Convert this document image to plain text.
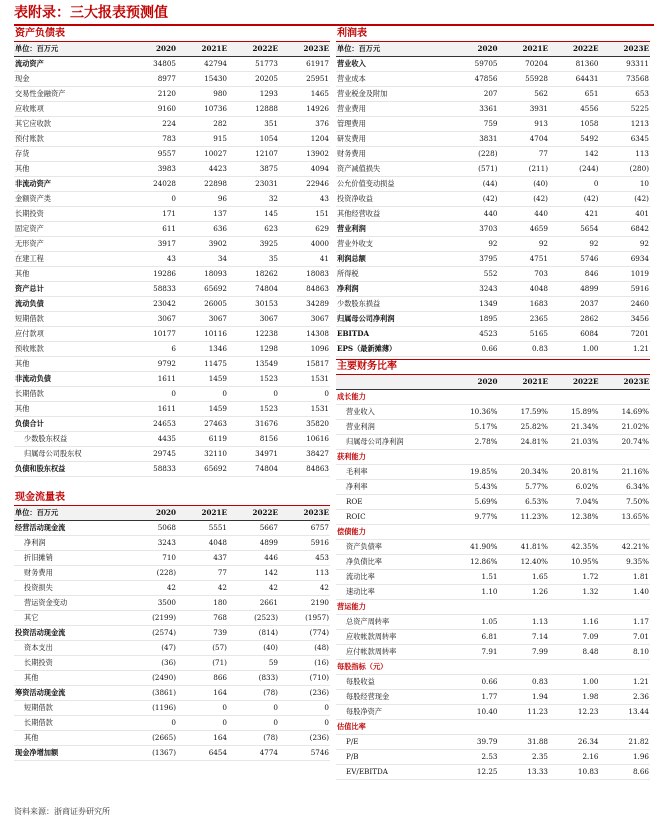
表附录：三大报表预测值
资产负债表
单位：百万元	2020	2021E	2022E	2023E
流动资产	34805	42794	51773	61917
现金	8977	15430	20205	25951
交易性金融资产	2120	980	1293	1465
应收账项	9160	10736	12888	14926
其它应收款	224	282	351	376
预付账款	783	915	1054	1204
存货	9557	10027	12107	13902
其他	3983	4423	3875	4094
非流动资产	24028	22898	23031	22946
金额资产类	0	96	32	43
长期投资	171	137	145	151
固定资产	611	636	623	629
无形资产	3917	3902	3925	4000
在建工程	43	34	35	41
其他	19286	18093	18262	18083
资产总计	58833	65692	74804	84863
流动负债	23042	26005	30153	34289
短期借款	3067	3067	3067	3067
应付款项	10177	10116	12238	14308
预收账款	6	1346	1298	1096
其他	9792	11475	13549	15817
非流动负债	1611	1459	1523	1531
长期借款	0	0	0	0
其他	1611	1459	1523	1531
负债合计	24653	27463	31676	35820
少数股东权益	4435	6119	8156	10616
归属母公司股东权	29745	32110	34971	38427
负债和股东权益	58833	65692	74804	84863
现金流量表
单位：百万元	2020	2021E	2022E	2023E
经营活动现金流	5068	5551	5667	6757
净利润	3243	4048	4899	5916
折旧摊销	710	437	446	453
财务费用	(228)	77	142	113
投资损失	42	42	42	42
营运资金变动	3500	180	2661	2190
其它	(2199)	768	(2523)	(1957)
投资活动现金流	(2574)	739	(814)	(774)
资本支出	(47)	(57)	(40)	(48)
长期投资	(36)	(71)	59	(16)
其他	(2490)	866	(833)	(710)
筹资活动现金流	(3861)	164	(78)	(236)
短期借款	(1196)	0	0	0
长期借款	0	0	0	0
其他	(2665)	164	(78)	(236)
现金净增加额	(1367)	6454	4774	5746
利润表
单位：百万元	2020	2021E	2022E	2023E
营业收入	59705	70204	81360	93311
营业成本	47856	55928	64431	73568
营业税金及附加	207	562	651	653
营业费用	3361	3931	4556	5225
管理费用	759	913	1058	1213
研发费用	3831	4704	5492	6345
财务费用	(228)	77	142	113
资产减值损失	(571)	(211)	(244)	(280)
公允价值变动损益	(44)	(40)	0	10
投资净收益	(42)	(42)	(42)	(42)
其他经营收益	440	440	421	401
营业利润	3703	4659	5654	6842
营业外收支	92	92	92	92
利润总额	3795	4751	5746	6934
所得税	552	703	846	1019
净利润	3243	4048	4899	5916
少数股东损益	1349	1683	2037	2460
归属母公司净利润	1895	2365	2862	3456
EBITDA	4523	5165	6084	7201
EPS（最新摊薄）	0.66	0.83	1.00	1.21
主要财务比率
	2020	2021E	2022E	2023E
成长能力				
营业收入	10.36%	17.59%	15.89%	14.69%
营业利润	5.17%	25.82%	21.34%	21.02%
归属母公司净利润	2.78%	24.81%	21.03%	20.74%
获利能力				
毛利率	19.85%	20.34%	20.81%	21.16%
净利率	5.43%	5.77%	6.02%	6.34%
ROE	5.69%	6.53%	7.04%	7.50%
ROIC	9.77%	11.23%	12.38%	13.65%
偿债能力				
资产负债率	41.90%	41.81%	42.35%	42.21%
净负债比率	12.86%	12.40%	10.95%	9.35%
流动比率	1.51	1.65	1.72	1.81
速动比率	1.10	1.26	1.32	1.40
营运能力				
总资产周转率	1.05	1.13	1.16	1.17
应收帐款周转率	6.81	7.14	7.09	7.01
应付帐款周转率	7.91	7.99	8.48	8.10
每股指标（元）				
每股收益	0.66	0.83	1.00	1.21
每股经营现金	1.77	1.94	1.98	2.36
每股净资产	10.40	11.23	12.23	13.44
估值比率				
P/E	39.79	31.88	26.34	21.82
P/B	2.53	2.35	2.16	1.96
EV/EBITDA	12.25	13.33	10.83	8.66
资料来源：浙商证券研究所
